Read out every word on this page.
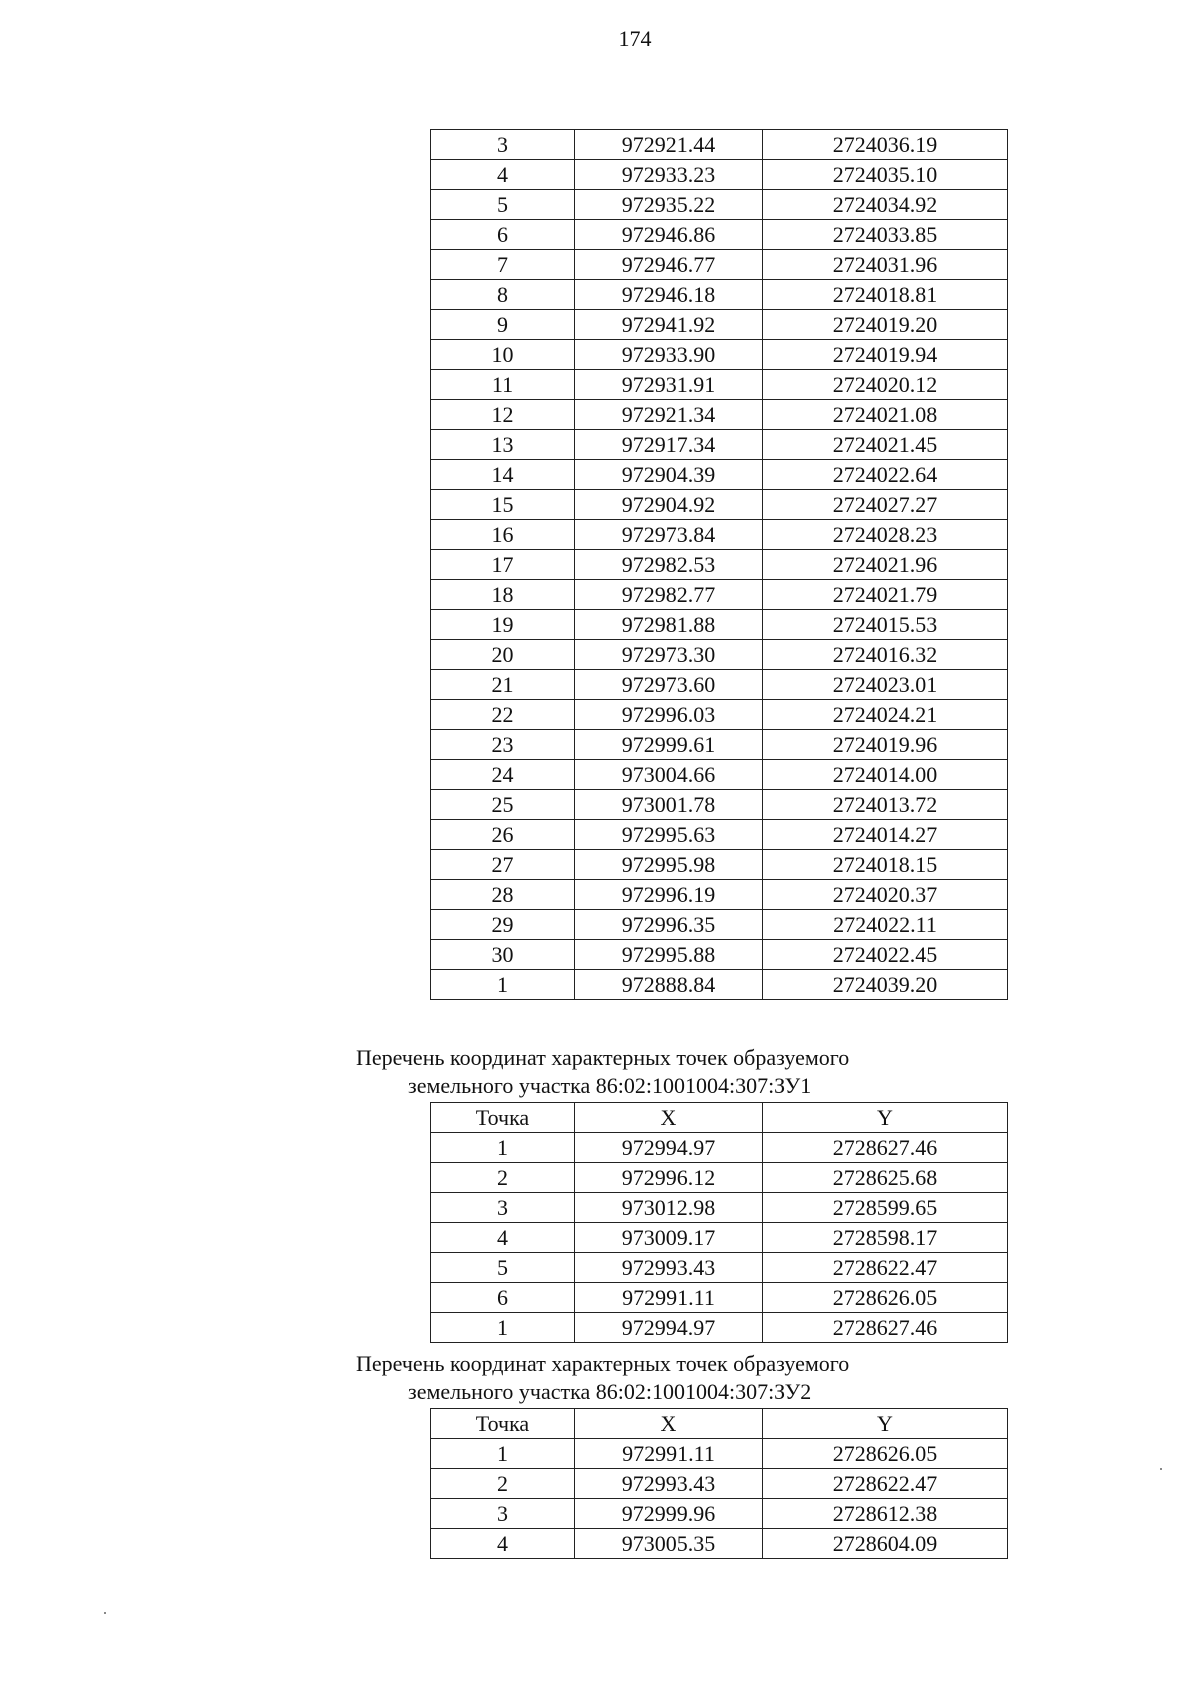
174
3	972921.44	2724036.19
4	972933.23	2724035.10
5	972935.22	2724034.92
6	972946.86	2724033.85
7	972946.77	2724031.96
8	972946.18	2724018.81
9	972941.92	2724019.20
10	972933.90	2724019.94
11	972931.91	2724020.12
12	972921.34	2724021.08
13	972917.34	2724021.45
14	972904.39	2724022.64
15	972904.92	2724027.27
16	972973.84	2724028.23
17	972982.53	2724021.96
18	972982.77	2724021.79
19	972981.88	2724015.53
20	972973.30	2724016.32
21	972973.60	2724023.01
22	972996.03	2724024.21
23	972999.61	2724019.96
24	973004.66	2724014.00
25	973001.78	2724013.72
26	972995.63	2724014.27
27	972995.98	2724018.15
28	972996.19	2724020.37
29	972996.35	2724022.11
30	972995.88	2724022.45
1	972888.84	2724039.20
Перечень координат характерных точек образуемого
земельного участка 86:02:1001004:307:ЗУ1
Точка	X	Y
1	972994.97	2728627.46
2	972996.12	2728625.68
3	973012.98	2728599.65
4	973009.17	2728598.17
5	972993.43	2728622.47
6	972991.11	2728626.05
1	972994.97	2728627.46
Перечень координат характерных точек образуемого
земельного участка 86:02:1001004:307:ЗУ2
Точка	X	Y
1	972991.11	2728626.05
2	972993.43	2728622.47
3	972999.96	2728612.38
4	973005.35	2728604.09
